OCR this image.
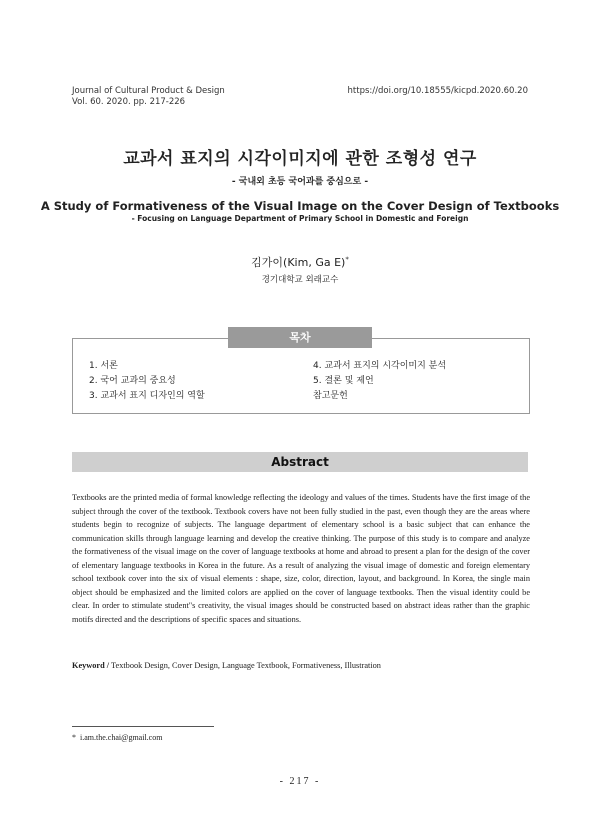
Journal of Cultural Product & Design
Vol. 60. 2020. pp. 217-226
https://doi.org/10.18555/kicpd.2020.60.20
교과서 표지의 시각이미지에 관한 조형성 연구
- 국내외 초등 국어과를 중심으로 -
A Study of Formativeness of the Visual Image on the Cover Design of Textbooks
- Focusing on Language Department of Primary School in Domestic and Foreign
김가이(Kim, Ga E)*
경기대학교 외래교수
1. 서론
2. 국어 교과의 중요성
3. 교과서 표지 디자인의 역할
4. 교과서 표지의 시각이미지 분석
5. 결론 및 제언
참고문헌
목차
Abstract
Textbooks are the printed media of formal knowledge reflecting the ideology and values of the times. Students have the first image of the subject through the cover of the textbook. Textbook covers have not been fully studied in the past, even though they are the areas where students begin to recognize of subjects. The language department of elementary school is a basic subject that can enhance the communication skills through language learning and develop the creative thinking. The purpose of this study is to compare and analyze the formativeness of the visual image on the cover of language textbooks at home and abroad to present a plan for the design of the cover of elementary language textbooks in Korea in the future. As a result of analyzing the visual image of domestic and foreign elementary school textbook cover into the six of visual elements : shape, size, color, direction, layout, and background. In Korea, the single main object should be emphasized and the limited colors are applied on the cover of language textbooks. Then the visual identity could be clear. In order to stimulate student"s creativity, the visual images should be constructed based on abstract ideas rather than the graphic motifs directed and the descriptions of specific spaces and situations.
Keyword / Textbook Design, Cover Design, Language Textbook, Formativeness, Illustration
* i.am.the.chai@gmail.com
- 217 -
